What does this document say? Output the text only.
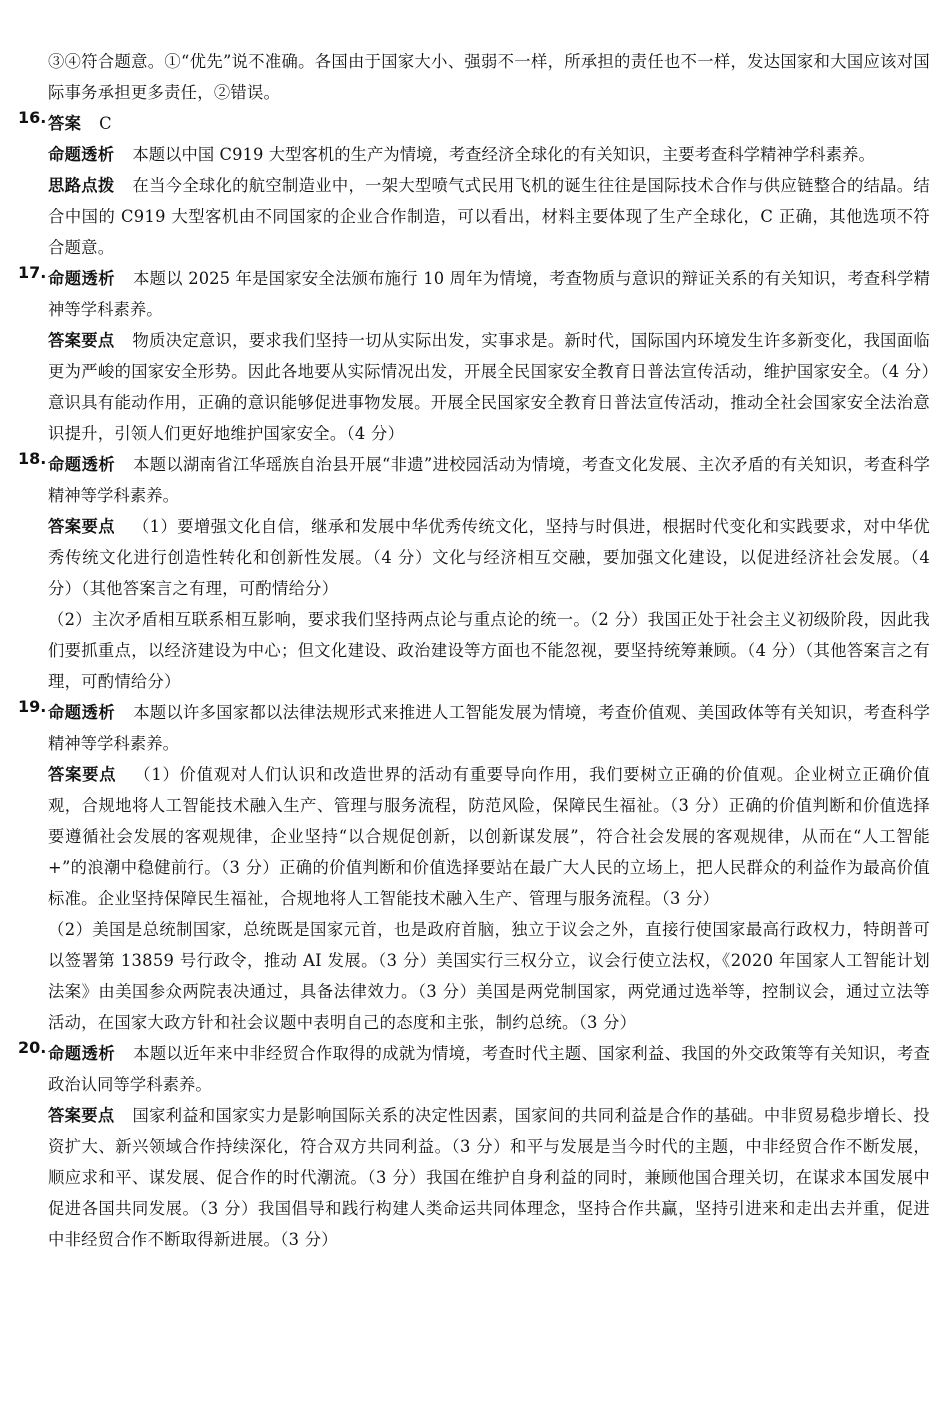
③④符合题意。①“优先”说不准确。各国由于国家大小、强弱不一样，所承担的责任也不一样，发达国家和大国应该对国际事务承担更多责任，②错误。
16. 答案 C
命题透析 本题以中国 C919 大型客机的生产为情境，考查经济全球化的有关知识，主要考查科学精神学科素养。
思路点拨 在当今全球化的航空制造业中，一架大型喷气式民用飞机的诞生往往是国际技术合作与供应链整合的结晶。结合中国的 C919 大型客机由不同国家的企业合作制造，可以看出，材料主要体现了生产全球化，C 正确，其他选项不符合题意。
17. 命题透析 本题以 2025 年是国家安全法颁布施行 10 周年为情境，考查物质与意识的辩证关系的有关知识，考查科学精神等学科素养。
答案要点 物质决定意识，要求我们坚持一切从实际出发，实事求是。新时代，国际国内环境发生许多新变化，我国面临更为严峻的国家安全形势。因此各地要从实际情况出发，开展全民国家安全教育日普法宣传活动，维护国家安全。（4 分）意识具有能动作用，正确的意识能够促进事物发展。开展全民国家安全教育日普法宣传活动，推动全社会国家安全法治意识提升，引领人们更好地维护国家安全。（4 分）
18. 命题透析 本题以湖南省江华瑶族自治县开展“非遗”进校园活动为情境，考查文化发展、主次矛盾的有关知识，考查科学精神等学科素养。
答案要点 （1）要增强文化自信，继承和发展中华优秀传统文化，坚持与时俱进，根据时代变化和实践要求，对中华优秀传统文化进行创造性转化和创新性发展。（4 分）文化与经济相互交融，要加强文化建设，以促进经济社会发展。（4 分）（其他答案言之有理，可酌情给分）
（2）主次矛盾相互联系相互影响，要求我们坚持两点论与重点论的统一。（2 分）我国正处于社会主义初级阶段，因此我们要抓重点，以经济建设为中心；但文化建设、政治建设等方面也不能忽视，要坚持统筹兼顾。（4 分）（其他答案言之有理，可酌情给分）
19. 命题透析 本题以许多国家都以法律法规形式来推进人工智能发展为情境，考查价值观、美国政体等有关知识，考查科学精神等学科素养。
答案要点 （1）价值观对人们认识和改造世界的活动有重要导向作用，我们要树立正确的价值观。企业树立正确价值观，合规地将人工智能技术融入生产、管理与服务流程，防范风险，保障民生福祉。（3 分）正确的价值判断和价值选择要遵循社会发展的客观规律，企业坚持“以合规促创新，以创新谋发展”，符合社会发展的客观规律，从而在“人工智能+”的浪潮中稳健前行。（3 分）正确的价值判断和价值选择要站在最广大人民的立场上，把人民群众的利益作为最高价值标准。企业坚持保障民生福祉，合规地将人工智能技术融入生产、管理与服务流程。（3 分）
（2）美国是总统制国家，总统既是国家元首，也是政府首脑，独立于议会之外，直接行使国家最高行政权力，特朗普可以签署第 13859 号行政令，推动 AI 发展。（3 分）美国实行三权分立，议会行使立法权，《2020 年国家人工智能计划法案》由美国参众两院表决通过，具备法律效力。（3 分）美国是两党制国家，两党通过选举等，控制议会，通过立法等活动，在国家大政方针和社会议题中表明自己的态度和主张，制约总统。（3 分）
20. 命题透析 本题以近年来中非经贸合作取得的成就为情境，考查时代主题、国家利益、我国的外交政策等有关知识，考查政治认同等学科素养。
答案要点 国家利益和国家实力是影响国际关系的决定性因素，国家间的共同利益是合作的基础。中非贸易稳步增长、投资扩大、新兴领域合作持续深化，符合双方共同利益。（3 分）和平与发展是当今时代的主题，中非经贸合作不断发展，顺应求和平、谋发展、促合作的时代潮流。（3 分）我国在维护自身利益的同时，兼顾他国合理关切，在谋求本国发展中促进各国共同发展。（3 分）我国倡导和践行构建人类命运共同体理念，坚持合作共赢，坚持引进来和走出去并重，促进中非经贸合作不断取得新进展。（3 分）
